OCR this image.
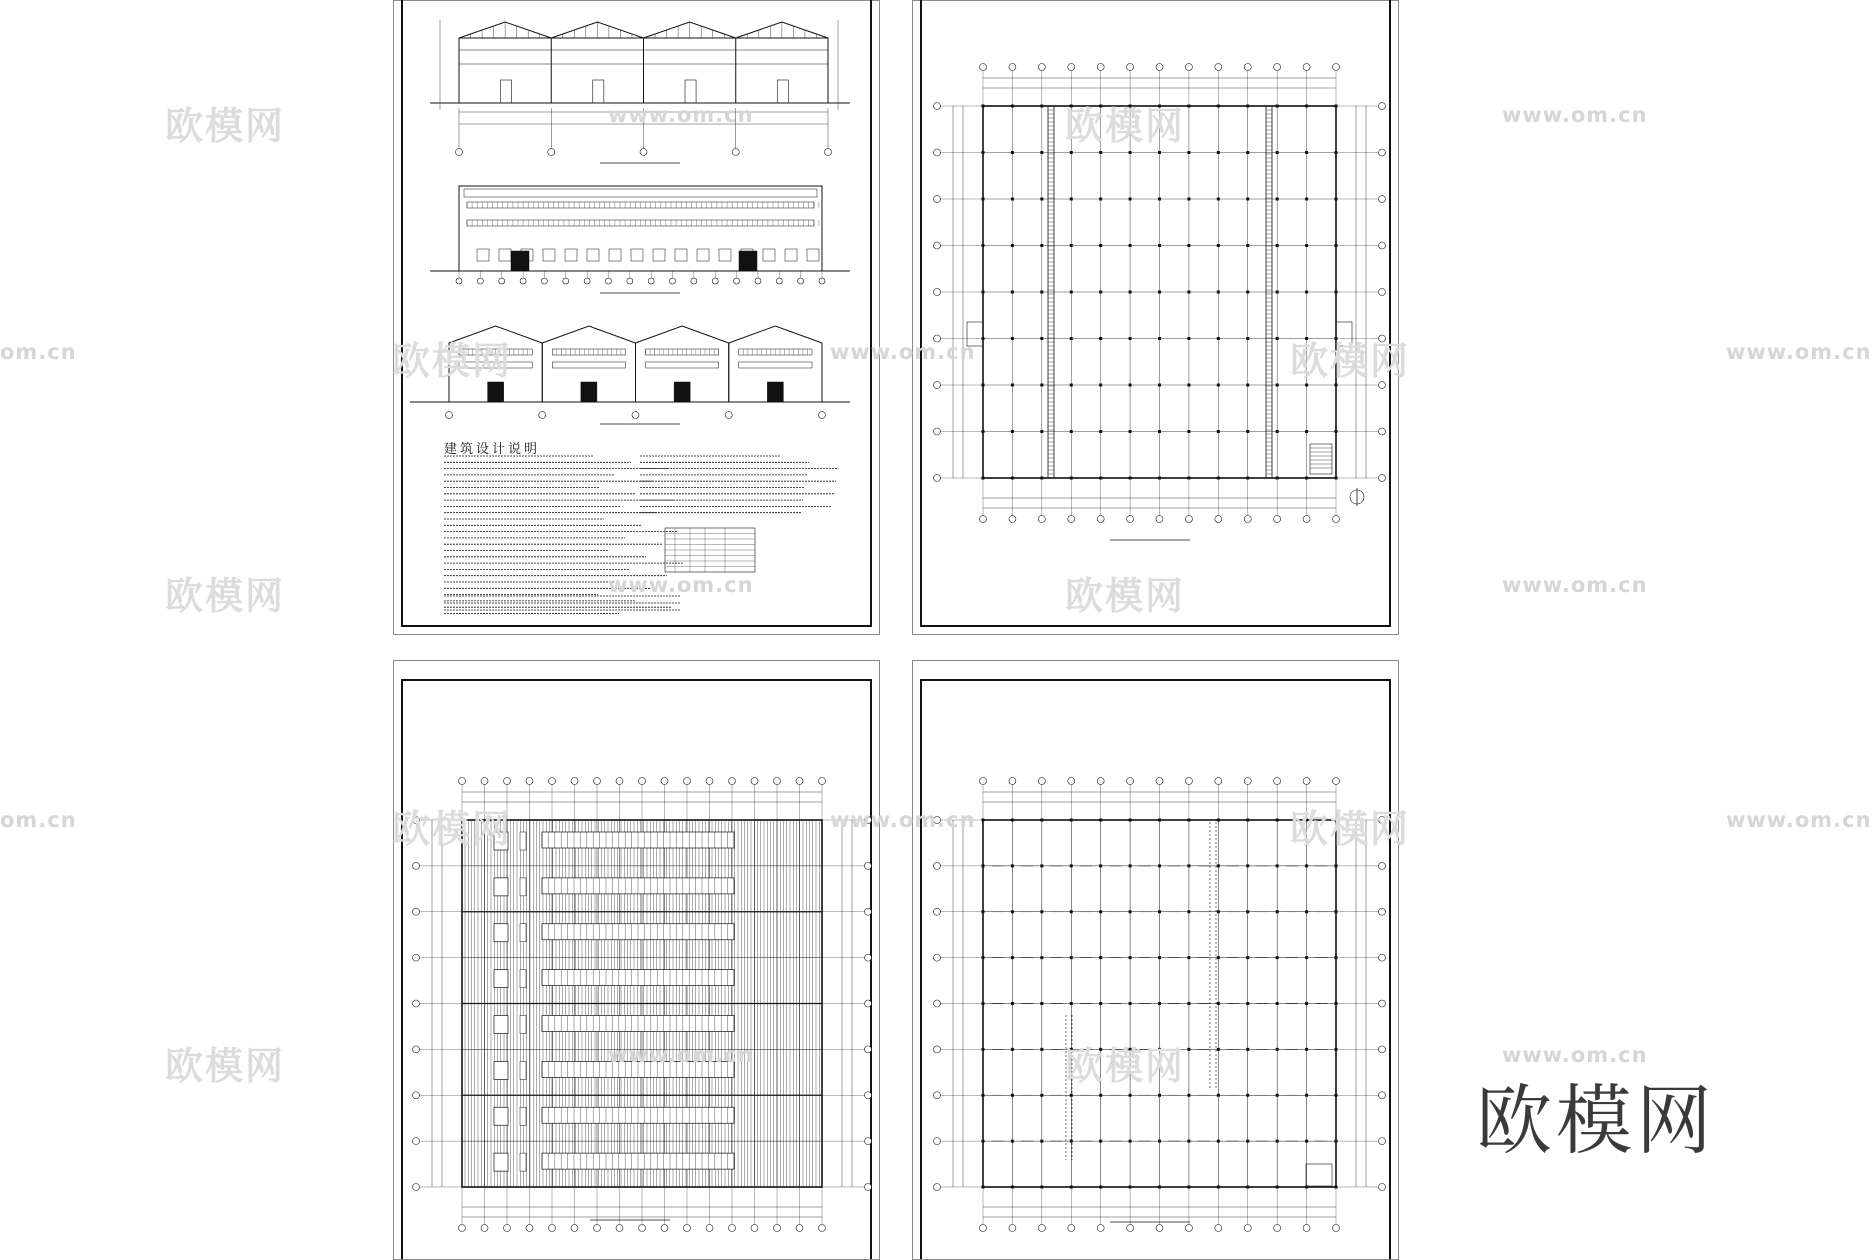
建筑设计说明
欧模网	www.om.cn	欧模网	www.om.cn
om.cn	欧模网	www.om.cn	欧模网	www.om.cn
欧模网	www.om.cn	欧模网	www.om.cn
om.cn	欧模网	www.om.cn	欧模网	www.om.cn
欧模网	www.om.cn	欧模网	www.om.cn
欧模网
